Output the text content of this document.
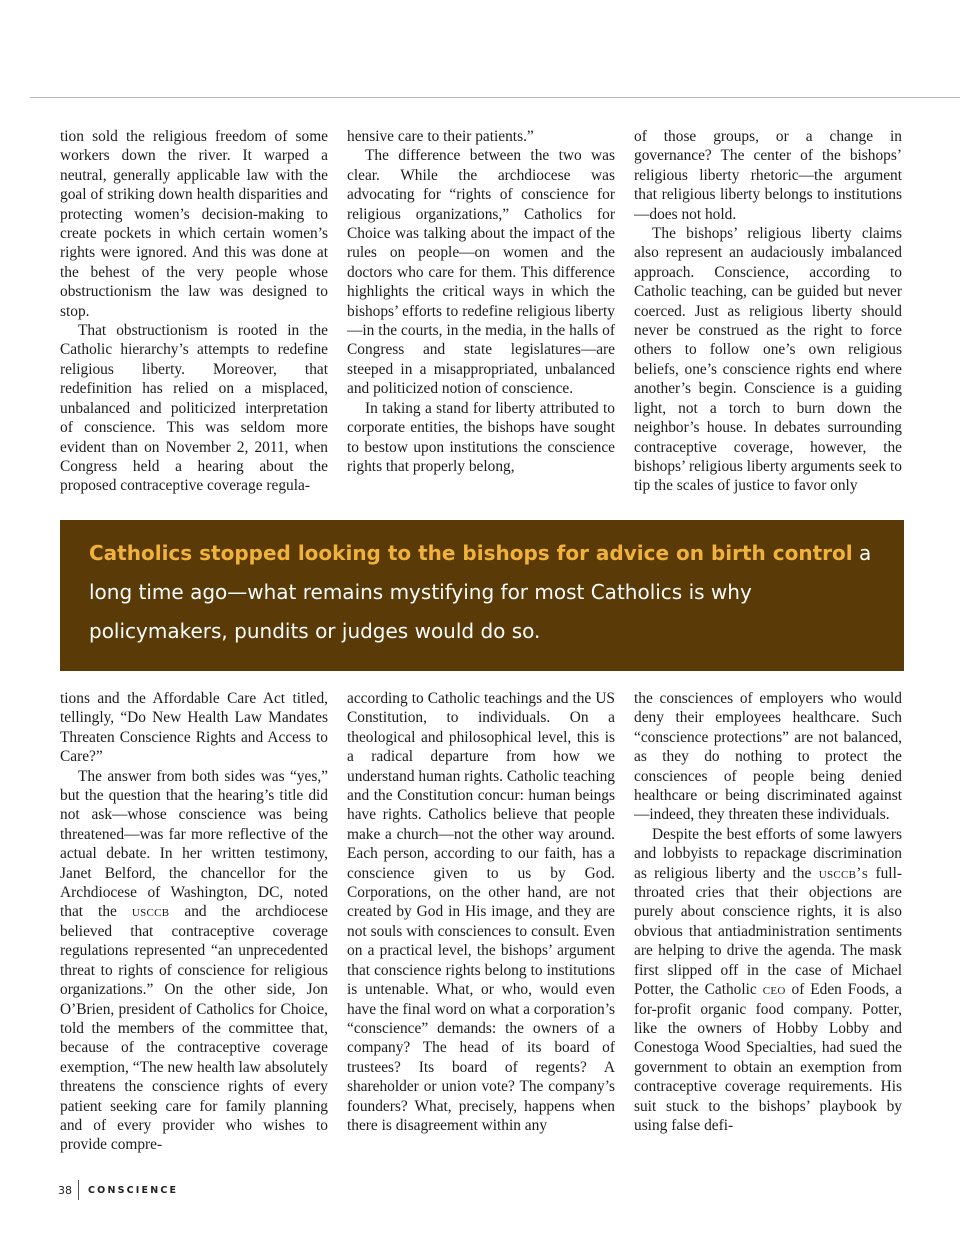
tion sold the religious freedom of some workers down the river. It warped a neutral, generally applicable law with the goal of striking down health disparities and protecting women’s decision-making to create pockets in which certain women’s rights were ignored. And this was done at the behest of the very people whose obstructionism the law was designed to stop.

That obstructionism is rooted in the Catholic hierarchy’s attempts to redefine religious liberty. Moreover, that redefinition has relied on a misplaced, unbalanced and politicized interpretation of conscience. This was seldom more evident than on November 2, 2011, when Congress held a hearing about the proposed contraceptive coverage regula-

hensive care to their patients.”

The difference between the two was clear. While the archdiocese was advocating for “rights of conscience for religious organizations,” Catholics for Choice was talking about the impact of the rules on people—on women and the doctors who care for them. This difference highlights the critical ways in which the bishops’ efforts to redefine religious liberty—in the courts, in the media, in the halls of Congress and state legislatures—are steeped in a misappropriated, unbalanced and politicized notion of conscience.

In taking a stand for liberty attributed to corporate entities, the bishops have sought to bestow upon institutions the conscience rights that properly belong,

of those groups, or a change in governance? The center of the bishops’ religious liberty rhetoric—the argument that religious liberty belongs to institutions—does not hold.

The bishops’ religious liberty claims also represent an audaciously imbalanced approach. Conscience, according to Catholic teaching, can be guided but never coerced. Just as religious liberty should never be construed as the right to force others to follow one’s own religious beliefs, one’s conscience rights end where another’s begin. Conscience is a guiding light, not a torch to burn down the neighbor’s house. In debates surrounding contraceptive coverage, however, the bishops’ religious liberty arguments seek to tip the scales of justice to favor only

Catholics stopped looking to the bishops for advice on birth control a long time ago—what remains mystifying for most Catholics is why policymakers, pundits or judges would do so.

tions and the Affordable Care Act titled, tellingly, “Do New Health Law Mandates Threaten Conscience Rights and Access to Care?”

The answer from both sides was “yes,” but the question that the hearing’s title did not ask—whose conscience was being threatened—was far more reflective of the actual debate. In her written testimony, Janet Belford, the chancellor for the Archdiocese of Washington, DC, noted that the usccb and the archdiocese believed that contraceptive coverage regulations represented “an unprecedented threat to rights of conscience for religious organizations.” On the other side, Jon O’Brien, president of Catholics for Choice, told the members of the committee that, because of the contraceptive coverage exemption, “The new health law absolutely threatens the conscience rights of every patient seeking care for family planning and of every provider who wishes to provide compre-

according to Catholic teachings and the US Constitution, to individuals. On a theological and philosophical level, this is a radical departure from how we understand human rights. Catholic teaching and the Constitution concur: human beings have rights. Catholics believe that people make a church—not the other way around. Each person, according to our faith, has a conscience given to us by God. Corporations, on the other hand, are not created by God in His image, and they are not souls with consciences to consult. Even on a practical level, the bishops’ argument that conscience rights belong to institutions is untenable. What, or who, would even have the final word on what a corporation’s “conscience” demands: the owners of a company? The head of its board of trustees? Its board of regents? A shareholder or union vote? The company’s founders? What, precisely, happens when there is disagreement within any

the consciences of employers who would deny their employees healthcare. Such “conscience protections” are not balanced, as they do nothing to protect the consciences of people being denied healthcare or being discriminated against—indeed, they threaten these individuals.

Despite the best efforts of some lawyers and lobbyists to repackage discrimination as religious liberty and the usccb’s full-throated cries that their objections are purely about conscience rights, it is also obvious that antiadministration sentiments are helping to drive the agenda. The mask first slipped off in the case of Michael Potter, the Catholic ceo of Eden Foods, a for-profit organic food company. Potter, like the owners of Hobby Lobby and Conestoga Wood Specialties, had sued the government to obtain an exemption from contraceptive coverage requirements. His suit stuck to the bishops’ playbook by using false defi-

38	CONSCIENCE
